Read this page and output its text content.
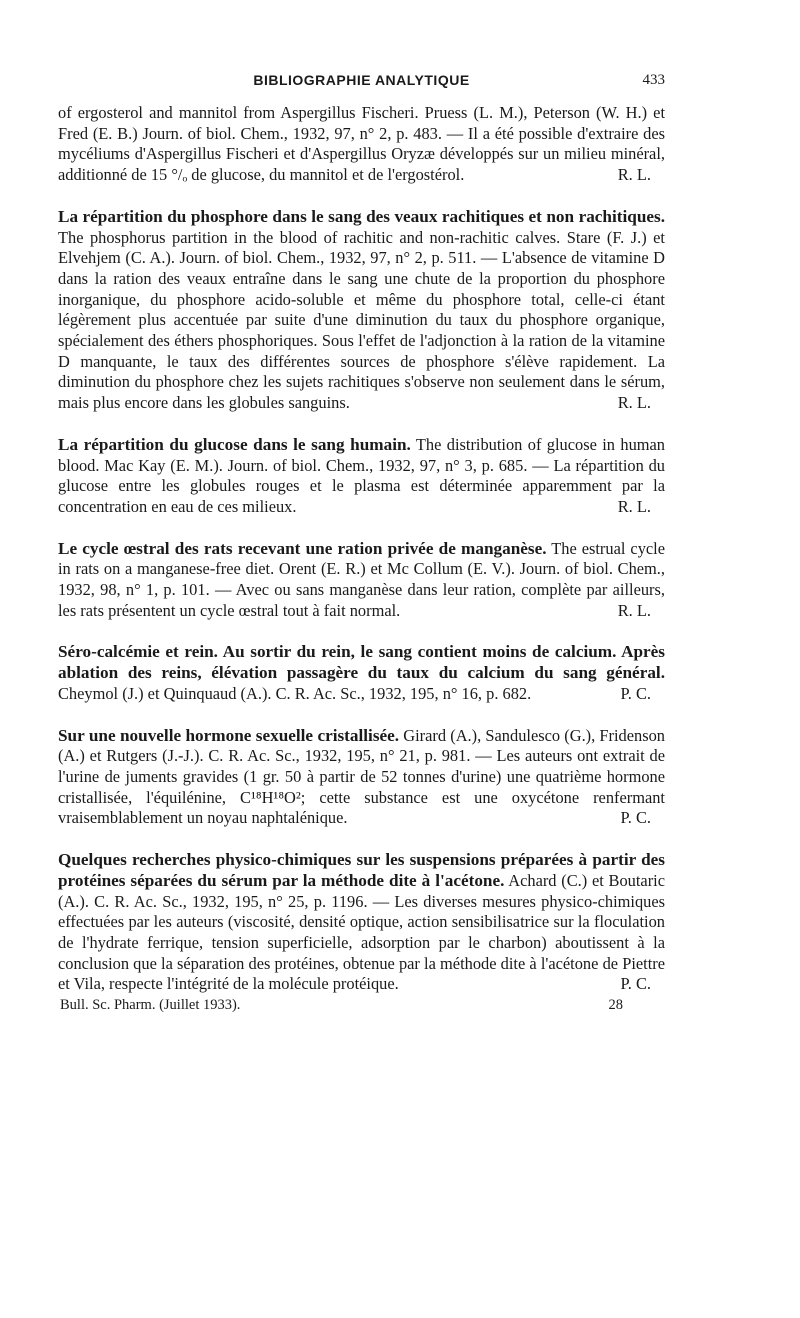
BIBLIOGRAPHIE ANALYTIQUE	433
of ergosterol and mannitol from Aspergillus Fischeri. Pruess (L. M.), Peterson (W. H.) et Fred (E. B.) Journ. of biol. Chem., 1932, 97, n° 2, p. 483. — Il a été possible d'extraire des mycéliums d'Aspergillus Fischeri et d'Aspergillus Oryzæ développés sur un milieu minéral, additionné de 15 °/ₒ de glucose, du mannitol et de l'ergostérol.	R. L.
La répartition du phosphore dans le sang des veaux rachitiques et non rachitiques. The phosphorus partition in the blood of rachitic and non-rachitic calves. Stare (F. J.) et Elvehjem (C. A.). Journ. of biol. Chem., 1932, 97, n° 2, p. 511. — L'absence de vitamine D dans la ration des veaux entraîne dans le sang une chute de la proportion du phosphore inorganique, du phosphore acido-soluble et même du phosphore total, celle-ci étant légèrement plus accentuée par suite d'une diminution du taux du phosphore organique, spécialement des éthers phosphoriques. Sous l'effet de l'adjonction à la ration de la vitamine D manquante, le taux des différentes sources de phosphore s'élève rapidement. La diminution du phosphore chez les sujets rachitiques s'observe non seulement dans le sérum, mais plus encore dans les globules sanguins.	R. L.
La répartition du glucose dans le sang humain. The distribution of glucose in human blood. Mac Kay (E. M.). Journ. of biol. Chem., 1932, 97, n° 3, p. 685. — La répartition du glucose entre les globules rouges et le plasma est déterminée apparemment par la concentration en eau de ces milieux.	R. L.
Le cycle œstral des rats recevant une ration privée de manganèse. The estrual cycle in rats on a manganese-free diet. Orent (E. R.) et Mc Collum (E. V.). Journ. of biol. Chem., 1932, 98, n° 1, p. 101. — Avec ou sans manganèse dans leur ration, complète par ailleurs, les rats présentent un cycle œstral tout à fait normal.	R. L.
Séro-calcémie et rein. Au sortir du rein, le sang contient moins de calcium. Après ablation des reins, élévation passagère du taux du calcium du sang général. Cheymol (J.) et Quinquaud (A.). C. R. Ac. Sc., 1932, 195, n° 16, p. 682.	P. C.
Sur une nouvelle hormone sexuelle cristallisée. Girard (A.), Sandulesco (G.), Fridenson (A.) et Rutgers (J.-J.). C. R. Ac. Sc., 1932, 195, n° 21, p. 981. — Les auteurs ont extrait de l'urine de juments gravides (1 gr. 50 à partir de 52 tonnes d'urine) une quatrième hormone cristallisée, l'équilénine, C¹⁸H¹⁸O²; cette substance est une oxycétone renfermant vraisemblablement un noyau naphtalénique.	P. C.
Quelques recherches physico-chimiques sur les suspensions préparées à partir des protéines séparées du sérum par la méthode dite à l'acétone. Achard (C.) et Boutaric (A.). C. R. Ac. Sc., 1932, 195, n° 25, p. 1196. — Les diverses mesures physico-chimiques effectuées par les auteurs (viscosité, densité optique, action sensibilisatrice sur la floculation de l'hydrate ferrique, tension superficielle, adsorption par le charbon) aboutissent à la conclusion que la séparation des protéines, obtenue par la méthode dite à l'acétone de Piettre et Vila, respecte l'intégrité de la molécule protéique.	P. C.
Bull. Sc. Pharm. (Juillet 1933).	28
